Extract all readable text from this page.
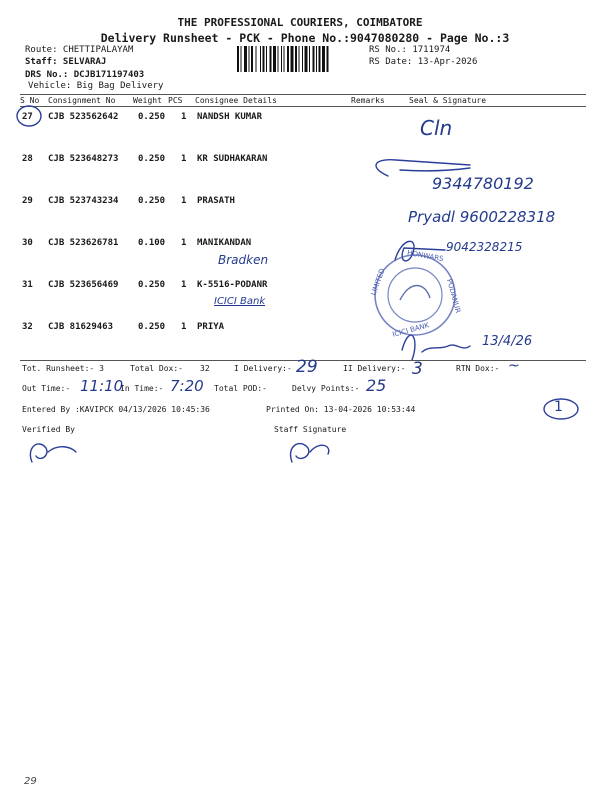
THE PROFESSIONAL COURIERS, COIMBATORE
Delivery Runsheet - PCK - Phone No.:9047080280 - Page No.:3
Route: CHETTIPALAYAM
Staff: SELVARAJ
DRS No.: DCJB171197403
Vehicle: Big Bag Delivery
RS No.: 1711974
RS Date: 13-Apr-2026
S No Consignment No Weight PCS Consignee Details	Remarks	Seal & Signature
27 CJB 523562642 0.250 1 NANDSH KUMAR
28 CJB 523648273 0.250 1 KR SUDHAKARAN
29 CJB 523743234 0.250 1 PRASATH
30 CJB 523626781 0.100 1 MANIKANDAN
31 CJB 523656469 0.250 1 K-5516-PODANR
32 CJB 81629463	0.250 1 PRIYA
HONWARS
LIMITED	PODANUR
ICICI BANK
Cln
9344780192
Pryadl 9600228318
9042328215
Bradken
ICICI Bank
13/4/26
Tot. Runsheet:- 3	Total Dox:- 32	I Delivery:- 29	II Delivery:- 3	RTN Dox:- ~
Out Time:- 11:10
In Time:- 7:20 Total POD:-	Delvy Points:- 25
Entered By :KAVIPCK 04/13/2026 10:45:36	Printed On: 13-04-2026 10:53:44	1
Verified By	Staff Signature
29
